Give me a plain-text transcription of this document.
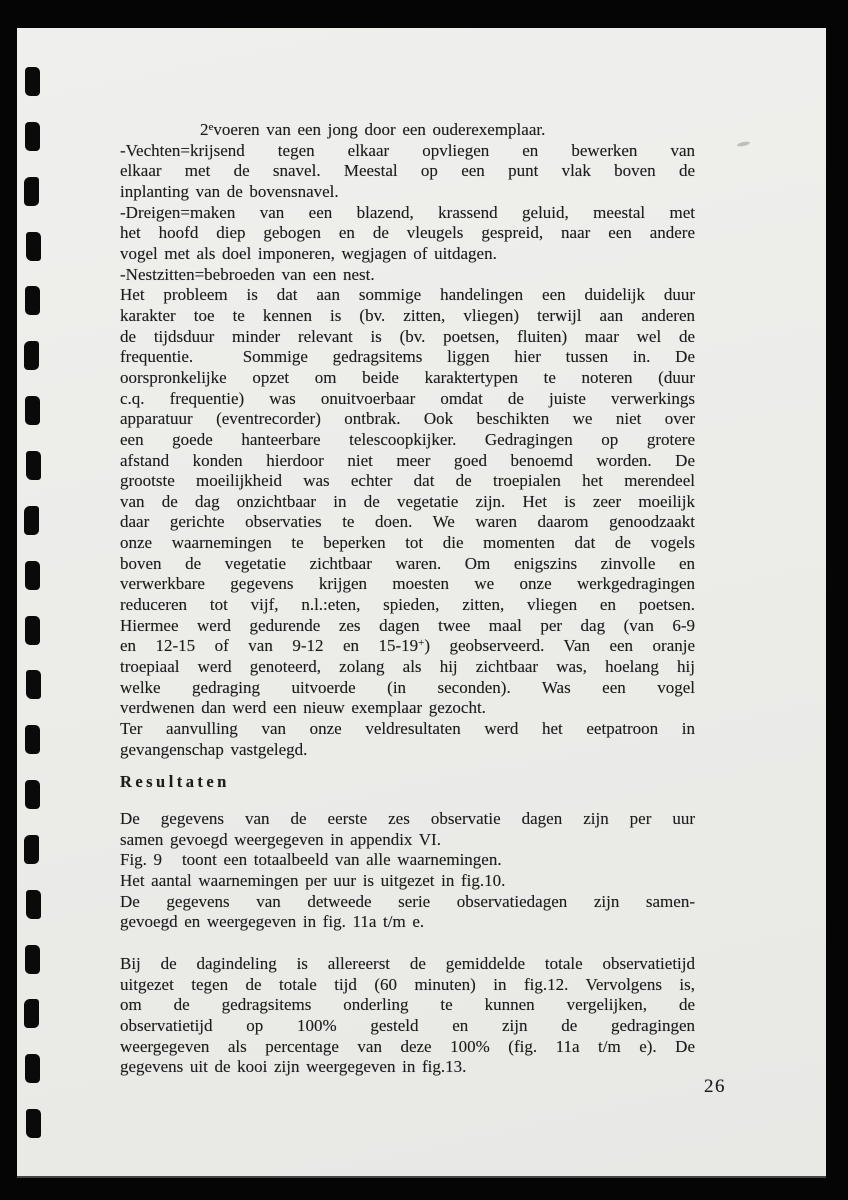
2evoeren van een jong door een ouderexemplaar.
-Vechten=krijsend tegen elkaar opvliegen en bewerken van
elkaar met de snavel. Meestal op een punt vlak boven de
inplanting van de bovensnavel.
-Dreigen=maken van een blazend, krassend geluid, meestal met
het hoofd diep gebogen en de vleugels gespreid, naar een andere
vogel met als doel imponeren, wegjagen of uitdagen.
-Nestzitten=bebroeden van een nest.
Het probleem is dat aan sommige handelingen een duidelijk duur
karakter toe te kennen is (bv. zitten, vliegen) terwijl aan anderen
de tijdsduur minder relevant is (bv. poetsen, fluiten) maar wel de
frequentie.  Sommige gedragsitems liggen hier tussen in. De
oorspronkelijke opzet om beide karaktertypen te noteren (duur
c.q. frequentie) was onuitvoerbaar omdat de juiste verwerkings
apparatuur (eventrecorder) ontbrak. Ook beschikten we niet over
een goede hanteerbare telescoopkijker. Gedragingen op grotere
afstand konden hierdoor niet meer goed benoemd worden. De
grootste moeilijkheid was echter dat de troepialen het merendeel
van de dag onzichtbaar in de vegetatie zijn. Het is zeer moeilijk
daar gerichte observaties te doen. We waren daarom genoodzaakt
onze waarnemingen te beperken tot die momenten dat de vogels
boven de vegetatie zichtbaar waren. Om enigszins zinvolle en
verwerkbare gegevens krijgen moesten we onze werkgedragingen
reduceren tot vijf, n.l.:eten, spieden, zitten, vliegen en poetsen.
Hiermee werd gedurende zes dagen twee maal per dag (van 6-9
en 12-15 of van 9-12 en 15-19+) geobserveerd. Van een oranje
troepiaal werd genoteerd, zolang als hij zichtbaar was, hoelang hij
welke gedraging uitvoerde (in seconden). Was een vogel
verdwenen dan werd een nieuw exemplaar gezocht.
Ter aanvulling van onze veldresultaten werd het eetpatroon in
gevangenschap vastgelegd.
Resultaten
De gegevens van de eerste zes observatie dagen zijn per uur
samen gevoegd weergegeven in appendix VI.
Fig. 9   toont een totaalbeeld van alle waarnemingen.
Het aantal waarnemingen per uur is uitgezet in fig.10.
De gegevens van detweede serie observatiedagen zijn samen-
gevoegd en weergegeven in fig. 11a t/m e.
Bij de dagindeling is allereerst de gemiddelde totale observatietijd
uitgezet tegen de totale tijd (60 minuten) in fig.12. Vervolgens is,
om de gedragsitems onderling te kunnen vergelijken, de
observatietijd op 100% gesteld en zijn de gedragingen
weergegeven als percentage van deze 100% (fig. 11a t/m e). De
gegevens uit de kooi zijn weergegeven in fig.13.
26
